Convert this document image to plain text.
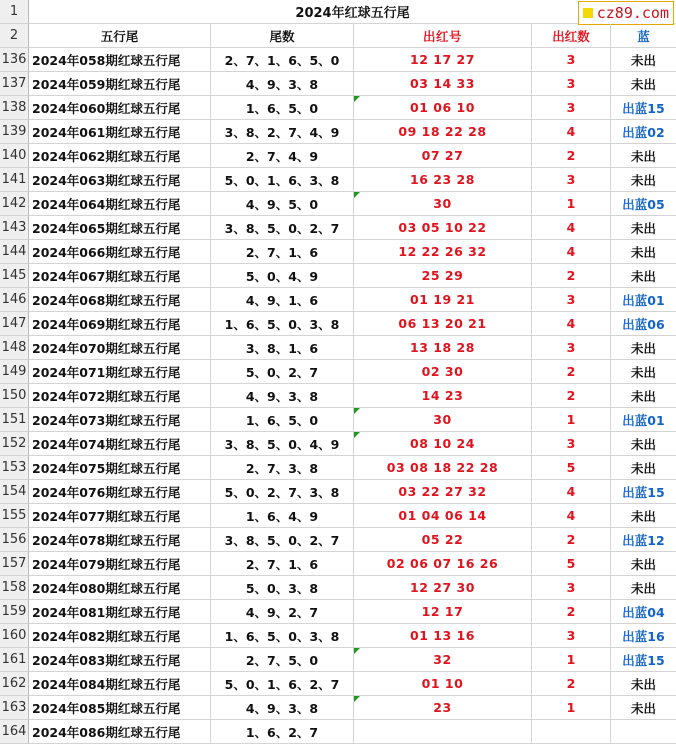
1	2024年红球五行尾	cz89.com
2	五行尾	尾数	出红号	出红数	蓝
136 2024年058期红球五行尾	2、7、1、6、5、0	12 17 27	3	未出
137 2024年059期红球五行尾	4、9、3、8	03 14 33	3	未出
138 2024年060期红球五行尾	1、6、5、0	01 06 10	3	出蓝15
139 2024年061期红球五行尾	3、8、2、7、4、9	09 18 22 28	4	出蓝02
140 2024年062期红球五行尾	2、7、4、9	07 27	2	未出
141 2024年063期红球五行尾	5、0、1、6、3、8	16 23 28	3	未出
142 2024年064期红球五行尾	4、9、5、0	30	1	出蓝05
143 2024年065期红球五行尾	3、8、5、0、2、7	03 05 10 22	4	未出
144 2024年066期红球五行尾	2、7、1、6	12 22 26 32	4	未出
145 2024年067期红球五行尾	5、0、4、9	25 29	2	未出
146 2024年068期红球五行尾	4、9、1、6	01 19 21	3	出蓝01
147 2024年069期红球五行尾	1、6、5、0、3、8	06 13 20 21	4	出蓝06
148 2024年070期红球五行尾	3、8、1、6	13 18 28	3	未出
149 2024年071期红球五行尾	5、0、2、7	02 30	2	未出
150 2024年072期红球五行尾	4、9、3、8	14 23	2	未出
151 2024年073期红球五行尾	1、6、5、0	30	1	出蓝01
152 2024年074期红球五行尾	3、8、5、0、4、9	08 10 24	3	未出
153 2024年075期红球五行尾	2、7、3、8	03 08 18 22 28	5	未出
154 2024年076期红球五行尾	5、0、2、7、3、8	03 22 27 32	4	出蓝15
155 2024年077期红球五行尾	1、6、4、9	01 04 06 14	4	未出
156 2024年078期红球五行尾	3、8、5、0、2、7	05 22	2	出蓝12
157 2024年079期红球五行尾	2、7、1、6	02 06 07 16 26	5	未出
158 2024年080期红球五行尾	5、0、3、8	12 27 30	3	未出
159 2024年081期红球五行尾	4、9、2、7	12 17	2	出蓝04
160 2024年082期红球五行尾	1、6、5、0、3、8	01 13 16	3	出蓝16
161 2024年083期红球五行尾	2、7、5、0	32	1	出蓝15
162 2024年084期红球五行尾	5、0、1、6、2、7	01 10	2	未出
163 2024年085期红球五行尾	4、9、3、8	23	1	未出
164 2024年086期红球五行尾	1、6、2、7
